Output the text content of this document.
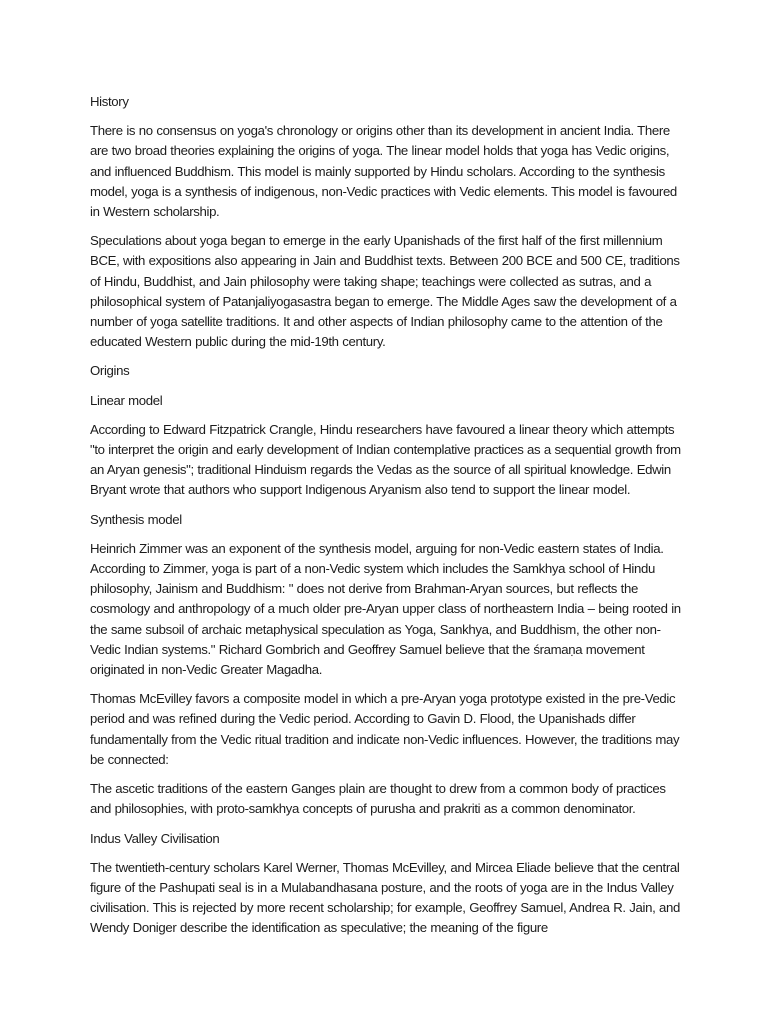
History

There is no consensus on yoga's chronology or origins other than its development in ancient India. There are two broad theories explaining the origins of yoga. The linear model holds that yoga has Vedic origins, and influenced Buddhism. This model is mainly supported by Hindu scholars. According to the synthesis model, yoga is a synthesis of indigenous, non-Vedic practices with Vedic elements. This model is favoured in Western scholarship.

Speculations about yoga began to emerge in the early Upanishads of the first half of the first millennium BCE, with expositions also appearing in Jain and Buddhist texts. Between 200 BCE and 500 CE, traditions of Hindu, Buddhist, and Jain philosophy were taking shape; teachings were collected as sutras, and a philosophical system of Patanjaliyogasastra began to emerge. The Middle Ages saw the development of a number of yoga satellite traditions. It and other aspects of Indian philosophy came to the attention of the educated Western public during the mid-19th century.

Origins

Linear model

According to Edward Fitzpatrick Crangle, Hindu researchers have favoured a linear theory which attempts "to interpret the origin and early development of Indian contemplative practices as a sequential growth from an Aryan genesis"; traditional Hinduism regards the Vedas as the source of all spiritual knowledge. Edwin Bryant wrote that authors who support Indigenous Aryanism also tend to support the linear model.

Synthesis model

Heinrich Zimmer was an exponent of the synthesis model, arguing for non-Vedic eastern states of India. According to Zimmer, yoga is part of a non-Vedic system which includes the Samkhya school of Hindu philosophy, Jainism and Buddhism: " does not derive from Brahman-Aryan sources, but reflects the cosmology and anthropology of a much older pre-Aryan upper class of northeastern India – being rooted in the same subsoil of archaic metaphysical speculation as Yoga, Sankhya, and Buddhism, the other non-Vedic Indian systems." Richard Gombrich and Geoffrey Samuel believe that the śramaṇa movement originated in non-Vedic Greater Magadha.

Thomas McEvilley favors a composite model in which a pre-Aryan yoga prototype existed in the pre-Vedic period and was refined during the Vedic period. According to Gavin D. Flood, the Upanishads differ fundamentally from the Vedic ritual tradition and indicate non-Vedic influences. However, the traditions may be connected:

The ascetic traditions of the eastern Ganges plain are thought to drew from a common body of practices and philosophies, with proto-samkhya concepts of purusha and prakriti as a common denominator.

Indus Valley Civilisation

The twentieth-century scholars Karel Werner, Thomas McEvilley, and Mircea Eliade believe that the central figure of the Pashupati seal is in a Mulabandhasana posture, and the roots of yoga are in the Indus Valley civilisation. This is rejected by more recent scholarship; for example, Geoffrey Samuel, Andrea R. Jain, and Wendy Doniger describe the identification as speculative; the meaning of the figure
